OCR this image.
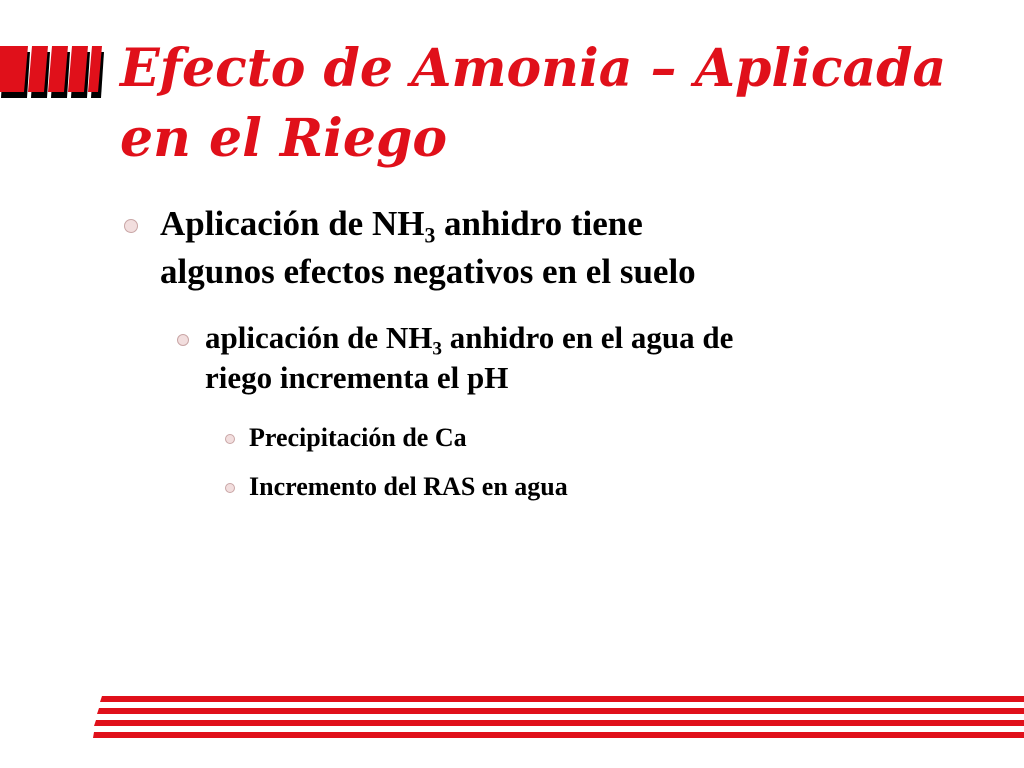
Efecto de Amonia – Aplicada en el Riego
Aplicación de $NH_3$ anhidro tiene
algunos efectos negativos en el suelo
aplicación de $NH_3$ anhidro en el agua de
riego incrementa el pH
Precipitación de Ca
Incremento del RAS en agua
